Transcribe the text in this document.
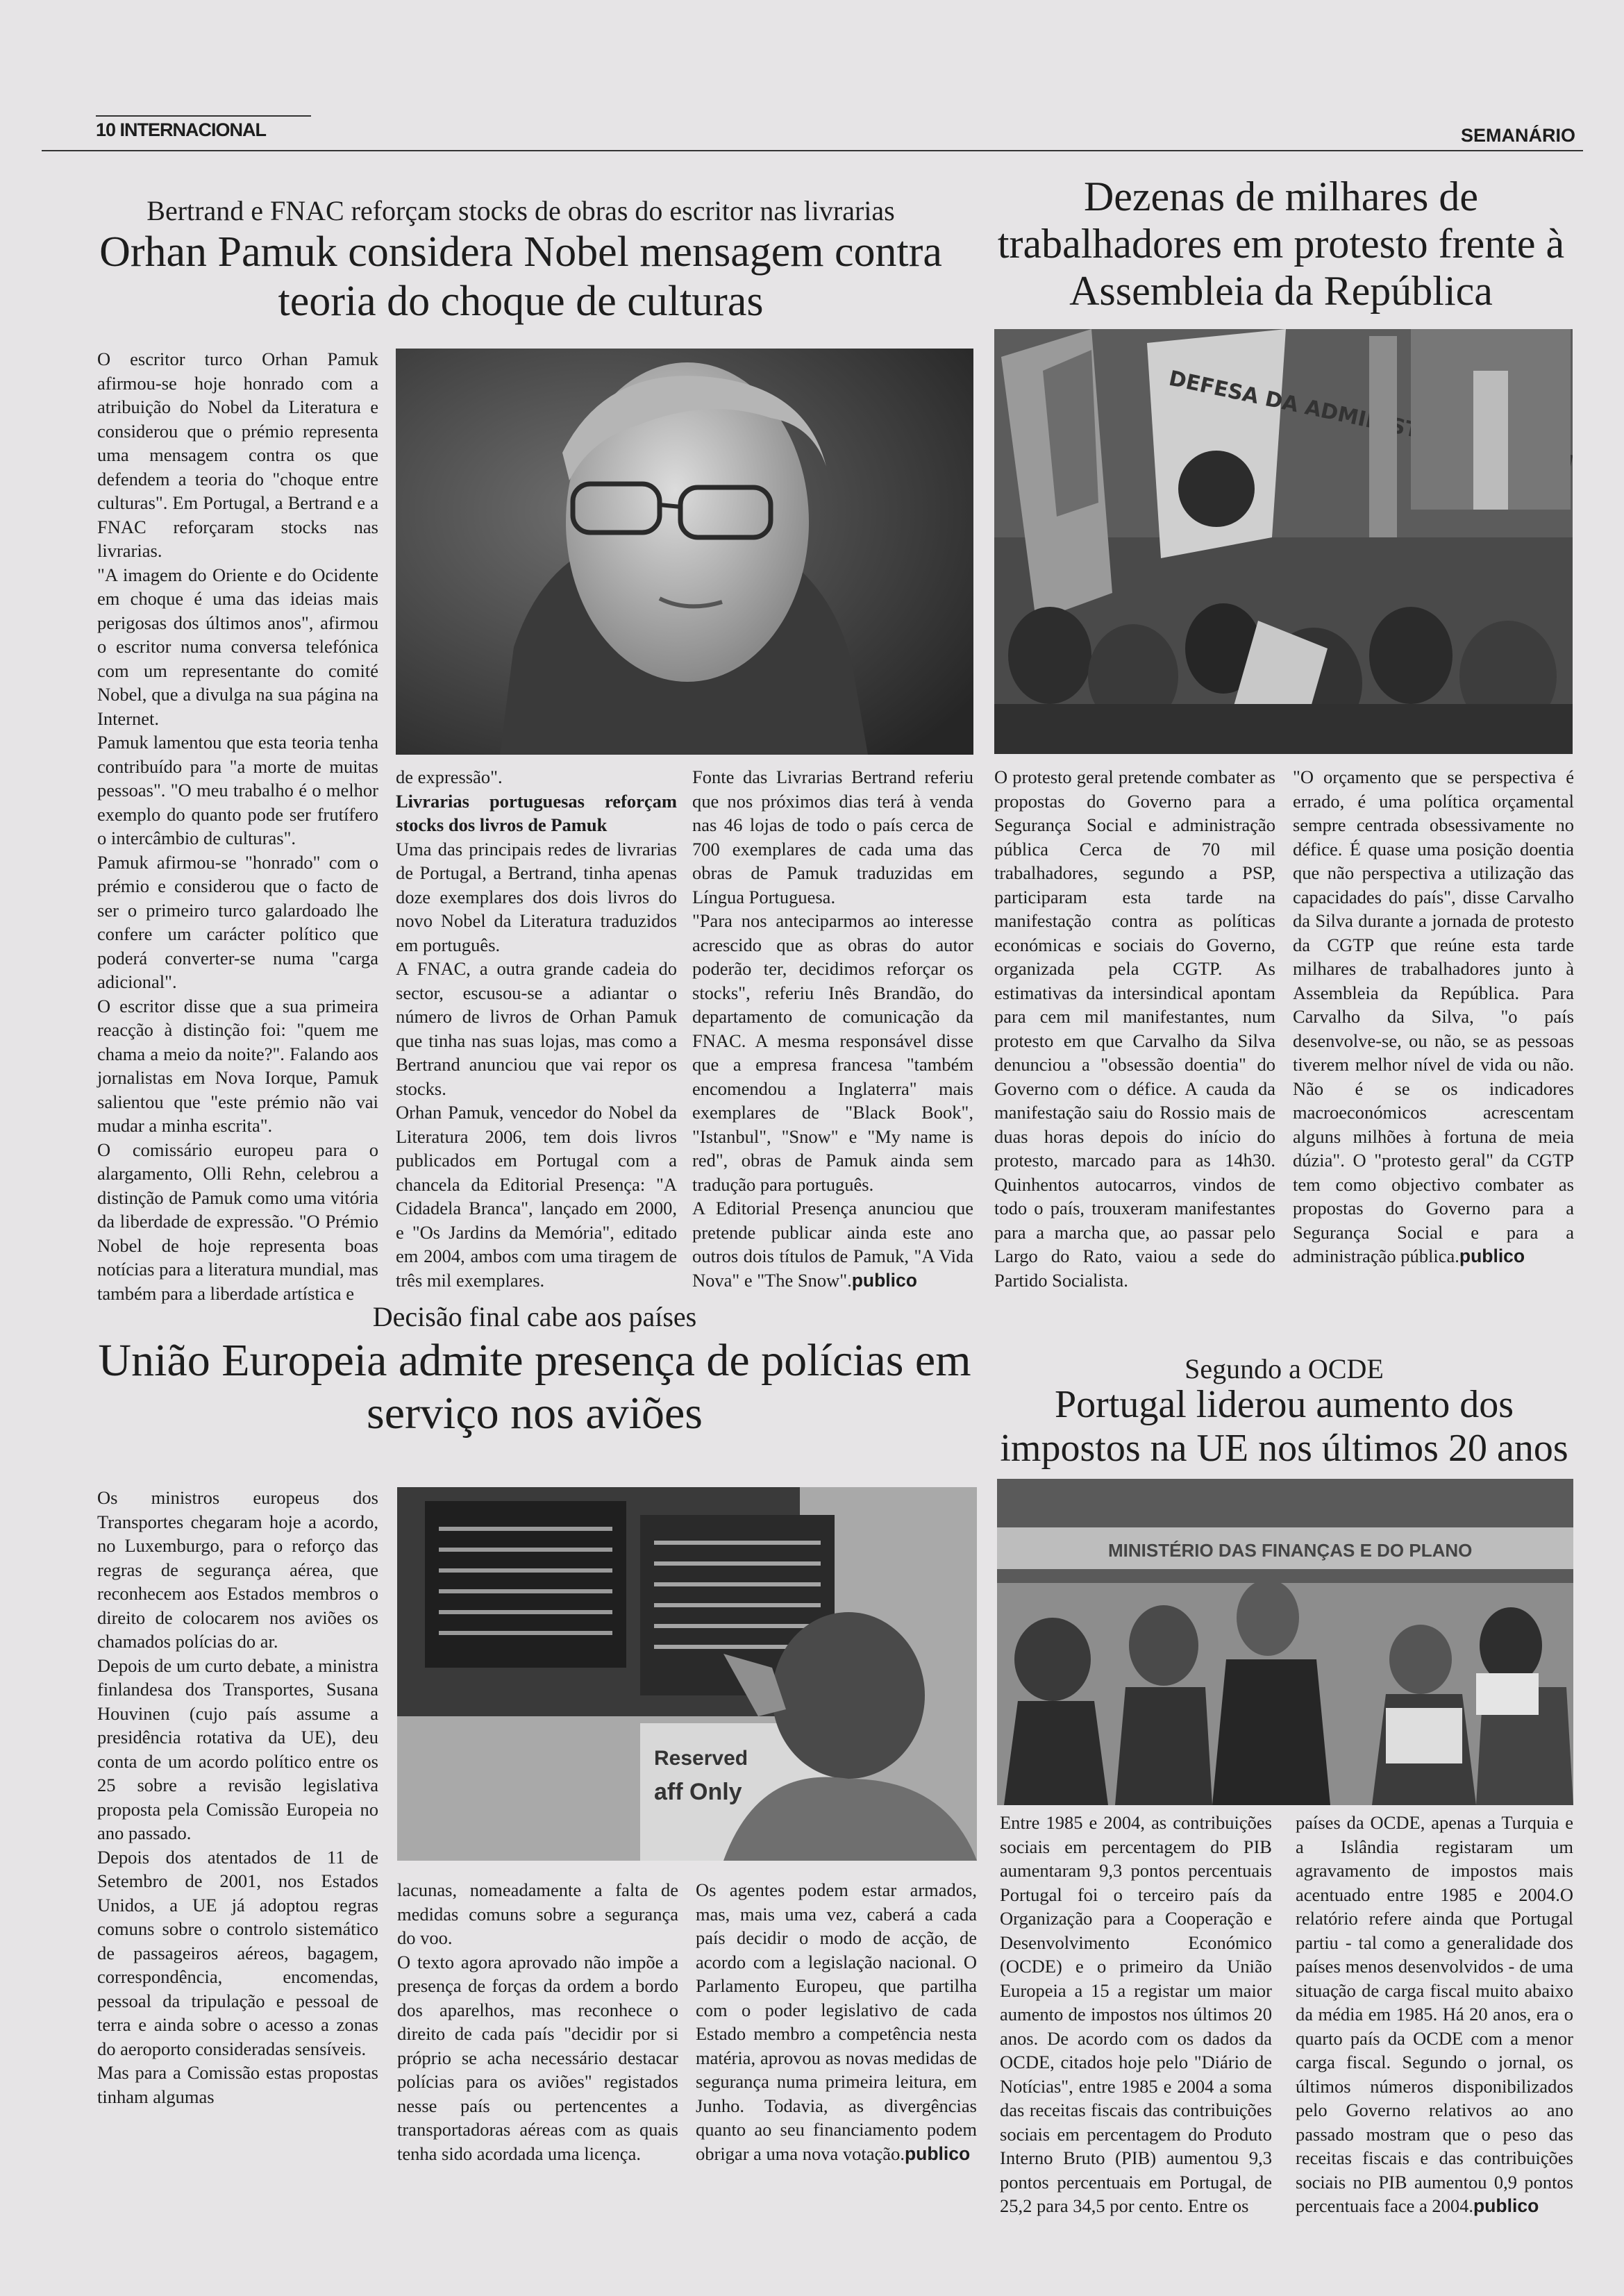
10 INTERNACIONAL	SEMANÁRIO
Bertrand e FNAC reforçam stocks de obras do escritor nas livrarias
Orhan Pamuk considera Nobel mensagem contra teoria do choque de culturas

O escritor turco Orhan Pamuk afirmou-se hoje honrado com a atribuição do Nobel da Literatura e considerou que o prémio representa uma mensagem contra os que defendem a teoria do "choque entre culturas". Em Portugal, a Bertrand e a FNAC reforçaram stocks nas livrarias.

"A imagem do Oriente e do Ocidente em choque é uma das ideias mais perigosas dos últimos anos", afirmou o escritor numa conversa telefónica com um representante do comité Nobel, que a divulga na sua página na Internet.

Pamuk lamentou que esta teoria tenha contribuído para "a morte de muitas pessoas". "O meu trabalho é o melhor exemplo do quanto pode ser frutífero o intercâmbio de culturas".

Pamuk afirmou-se "honrado" com o prémio e considerou que o facto de ser o primeiro turco galardoado lhe confere um carácter político que poderá converter-se numa "carga adicional".

O escritor disse que a sua primeira reacção à distinção foi: "quem me chama a meio da noite?". Falando aos jornalistas em Nova Iorque, Pamuk salientou que "este prémio não vai mudar a minha escrita".

O comissário europeu para o alargamento, Olli Rehn, celebrou a distinção de Pamuk como uma vitória da liberdade de expressão. "O Prémio Nobel de hoje representa boas notícias para a literatura mundial, mas também para a liberdade artística e

de expressão".

Livrarias portuguesas reforçam stocks dos livros de Pamuk

Uma das principais redes de livrarias de Portugal, a Bertrand, tinha apenas doze exemplares dos dois livros do novo Nobel da Literatura traduzidos em português.

A FNAC, a outra grande cadeia do sector, escusou-se a adiantar o número de livros de Orhan Pamuk que tinha nas suas lojas, mas como a Bertrand anunciou que vai repor os stocks.

Orhan Pamuk, vencedor do Nobel da Literatura 2006, tem dois livros publicados em Portugal com a chancela da Editorial Presença: "A Cidadela Branca", lançado em 2000, e "Os Jardins da Memória", editado em 2004, ambos com uma tiragem de três mil exemplares.

Fonte das Livrarias Bertrand referiu que nos próximos dias terá à venda nas 46 lojas de todo o país cerca de 700 exemplares de cada uma das obras de Pamuk traduzidas em Língua Portuguesa.

"Para nos anteciparmos ao interesse acrescido que as obras do autor poderão ter, decidimos reforçar os stocks", referiu Inês Brandão, do departamento de comunicação da FNAC. A mesma responsável disse que a empresa francesa "também encomendou a Inglaterra" mais exemplares de "Black Book", "Istanbul", "Snow" e "My name is red", obras de Pamuk ainda sem tradução para português.

A Editorial Presença anunciou que pretende publicar ainda este ano outros dois títulos de Pamuk, "A Vida Nova" e "The Snow".publico

Dezenas de milhares de trabalhadores em protesto frente à Assembleia da República
DEFESA DA ADMINISTRAÇÃO

O protesto geral pretende combater as propostas do Governo para a Segurança Social e administração pública Cerca de 70 mil trabalhadores, segundo a PSP, participaram esta tarde na manifestação contra as políticas económicas e sociais do Governo, organizada pela CGTP. As estimativas da intersindical apontam para cem mil manifestantes, num protesto em que Carvalho da Silva denunciou a "obsessão doentia" do Governo com o défice. A cauda da manifestação saiu do Rossio mais de duas horas depois do início do protesto, marcado para as 14h30. Quinhentos autocarros, vindos de todo o país, trouxeram manifestantes para a marcha que, ao passar pelo Largo do Rato, vaiou a sede do Partido Socialista.

"O orçamento que se perspectiva é errado, é uma política orçamental sempre centrada obsessivamente no défice. É quase uma posição doentia que não perspectiva a utilização das capacidades do país", disse Carvalho da Silva durante a jornada de protesto da CGTP que reúne esta tarde milhares de trabalhadores junto à Assembleia da República. Para Carvalho da Silva, "o país desenvolve-se, ou não, se as pessoas tiverem melhor nível de vida ou não. Não é se os indicadores macroeconómicos acrescentam alguns milhões à fortuna de meia dúzia". O "protesto geral" da CGTP tem como objectivo combater as propostas do Governo para a Segurança Social e para a administração pública.publico

Decisão final cabe aos países
União Europeia admite presença de polícias em serviço nos aviões
Reserved
aff Only

Os ministros europeus dos Transportes chegaram hoje a acordo, no Luxemburgo, para o reforço das regras de segurança aérea, que reconhecem aos Estados membros o direito de colocarem nos aviões os chamados polícias do ar.

Depois de um curto debate, a ministra finlandesa dos Transportes, Susana Houvinen (cujo país assume a presidência rotativa da UE), deu conta de um acordo político entre os 25 sobre a revisão legislativa proposta pela Comissão Europeia no ano passado.

Depois dos atentados de 11 de Setembro de 2001, nos Estados Unidos, a UE já adoptou regras comuns sobre o controlo sistemático de passageiros aéreos, bagagem, correspondência, encomendas, pessoal da tripulação e pessoal de terra e ainda sobre o acesso a zonas do aeroporto consideradas sensíveis.

Mas para a Comissão estas propostas tinham algumas

lacunas, nomeadamente a falta de medidas comuns sobre a segurança do voo.

O texto agora aprovado não impõe a presença de forças da ordem a bordo dos aparelhos, mas reconhece o direito de cada país "decidir por si próprio se acha necessário destacar polícias para os aviões" registados nesse país ou pertencentes a transportadoras aéreas com as quais tenha sido acordada uma licença.

Os agentes podem estar armados, mas, mais uma vez, caberá a cada país decidir o modo de acção, de acordo com a legislação nacional. O Parlamento Europeu, que partilha com o poder legislativo de cada Estado membro a competência nesta matéria, aprovou as novas medidas de segurança numa primeira leitura, em Junho. Todavia, as divergências quanto ao seu financiamento podem obrigar a uma nova votação.publico

Segundo a OCDE
Portugal liderou aumento dos impostos na UE nos últimos 20 anos
MINISTÉRIO DAS FINANÇAS E DO PLANO

Entre 1985 e 2004, as contribuições sociais em percentagem do PIB aumentaram 9,3 pontos percentuais Portugal foi o terceiro país da Organização para a Cooperação e Desenvolvimento Económico (OCDE) e o primeiro da União Europeia a 15 a registar um maior aumento de impostos nos últimos 20 anos. De acordo com os dados da OCDE, citados hoje pelo "Diário de Notícias", entre 1985 e 2004 a soma das receitas fiscais das contribuições sociais em percentagem do Produto Interno Bruto (PIB) aumentou 9,3 pontos percentuais em Portugal, de 25,2 para 34,5 por cento. Entre os

países da OCDE, apenas a Turquia e a Islândia registaram um agravamento de impostos mais acentuado entre 1985 e 2004.O relatório refere ainda que Portugal partiu - tal como a generalidade dos países menos desenvolvidos - de uma situação de carga fiscal muito abaixo da média em 1985. Há 20 anos, era o quarto país da OCDE com a menor carga fiscal. Segundo o jornal, os últimos números disponibilizados pelo Governo relativos ao ano passado mostram que o peso das receitas fiscais e das contribuições sociais no PIB aumentou 0,9 pontos percentuais face a 2004.publico
